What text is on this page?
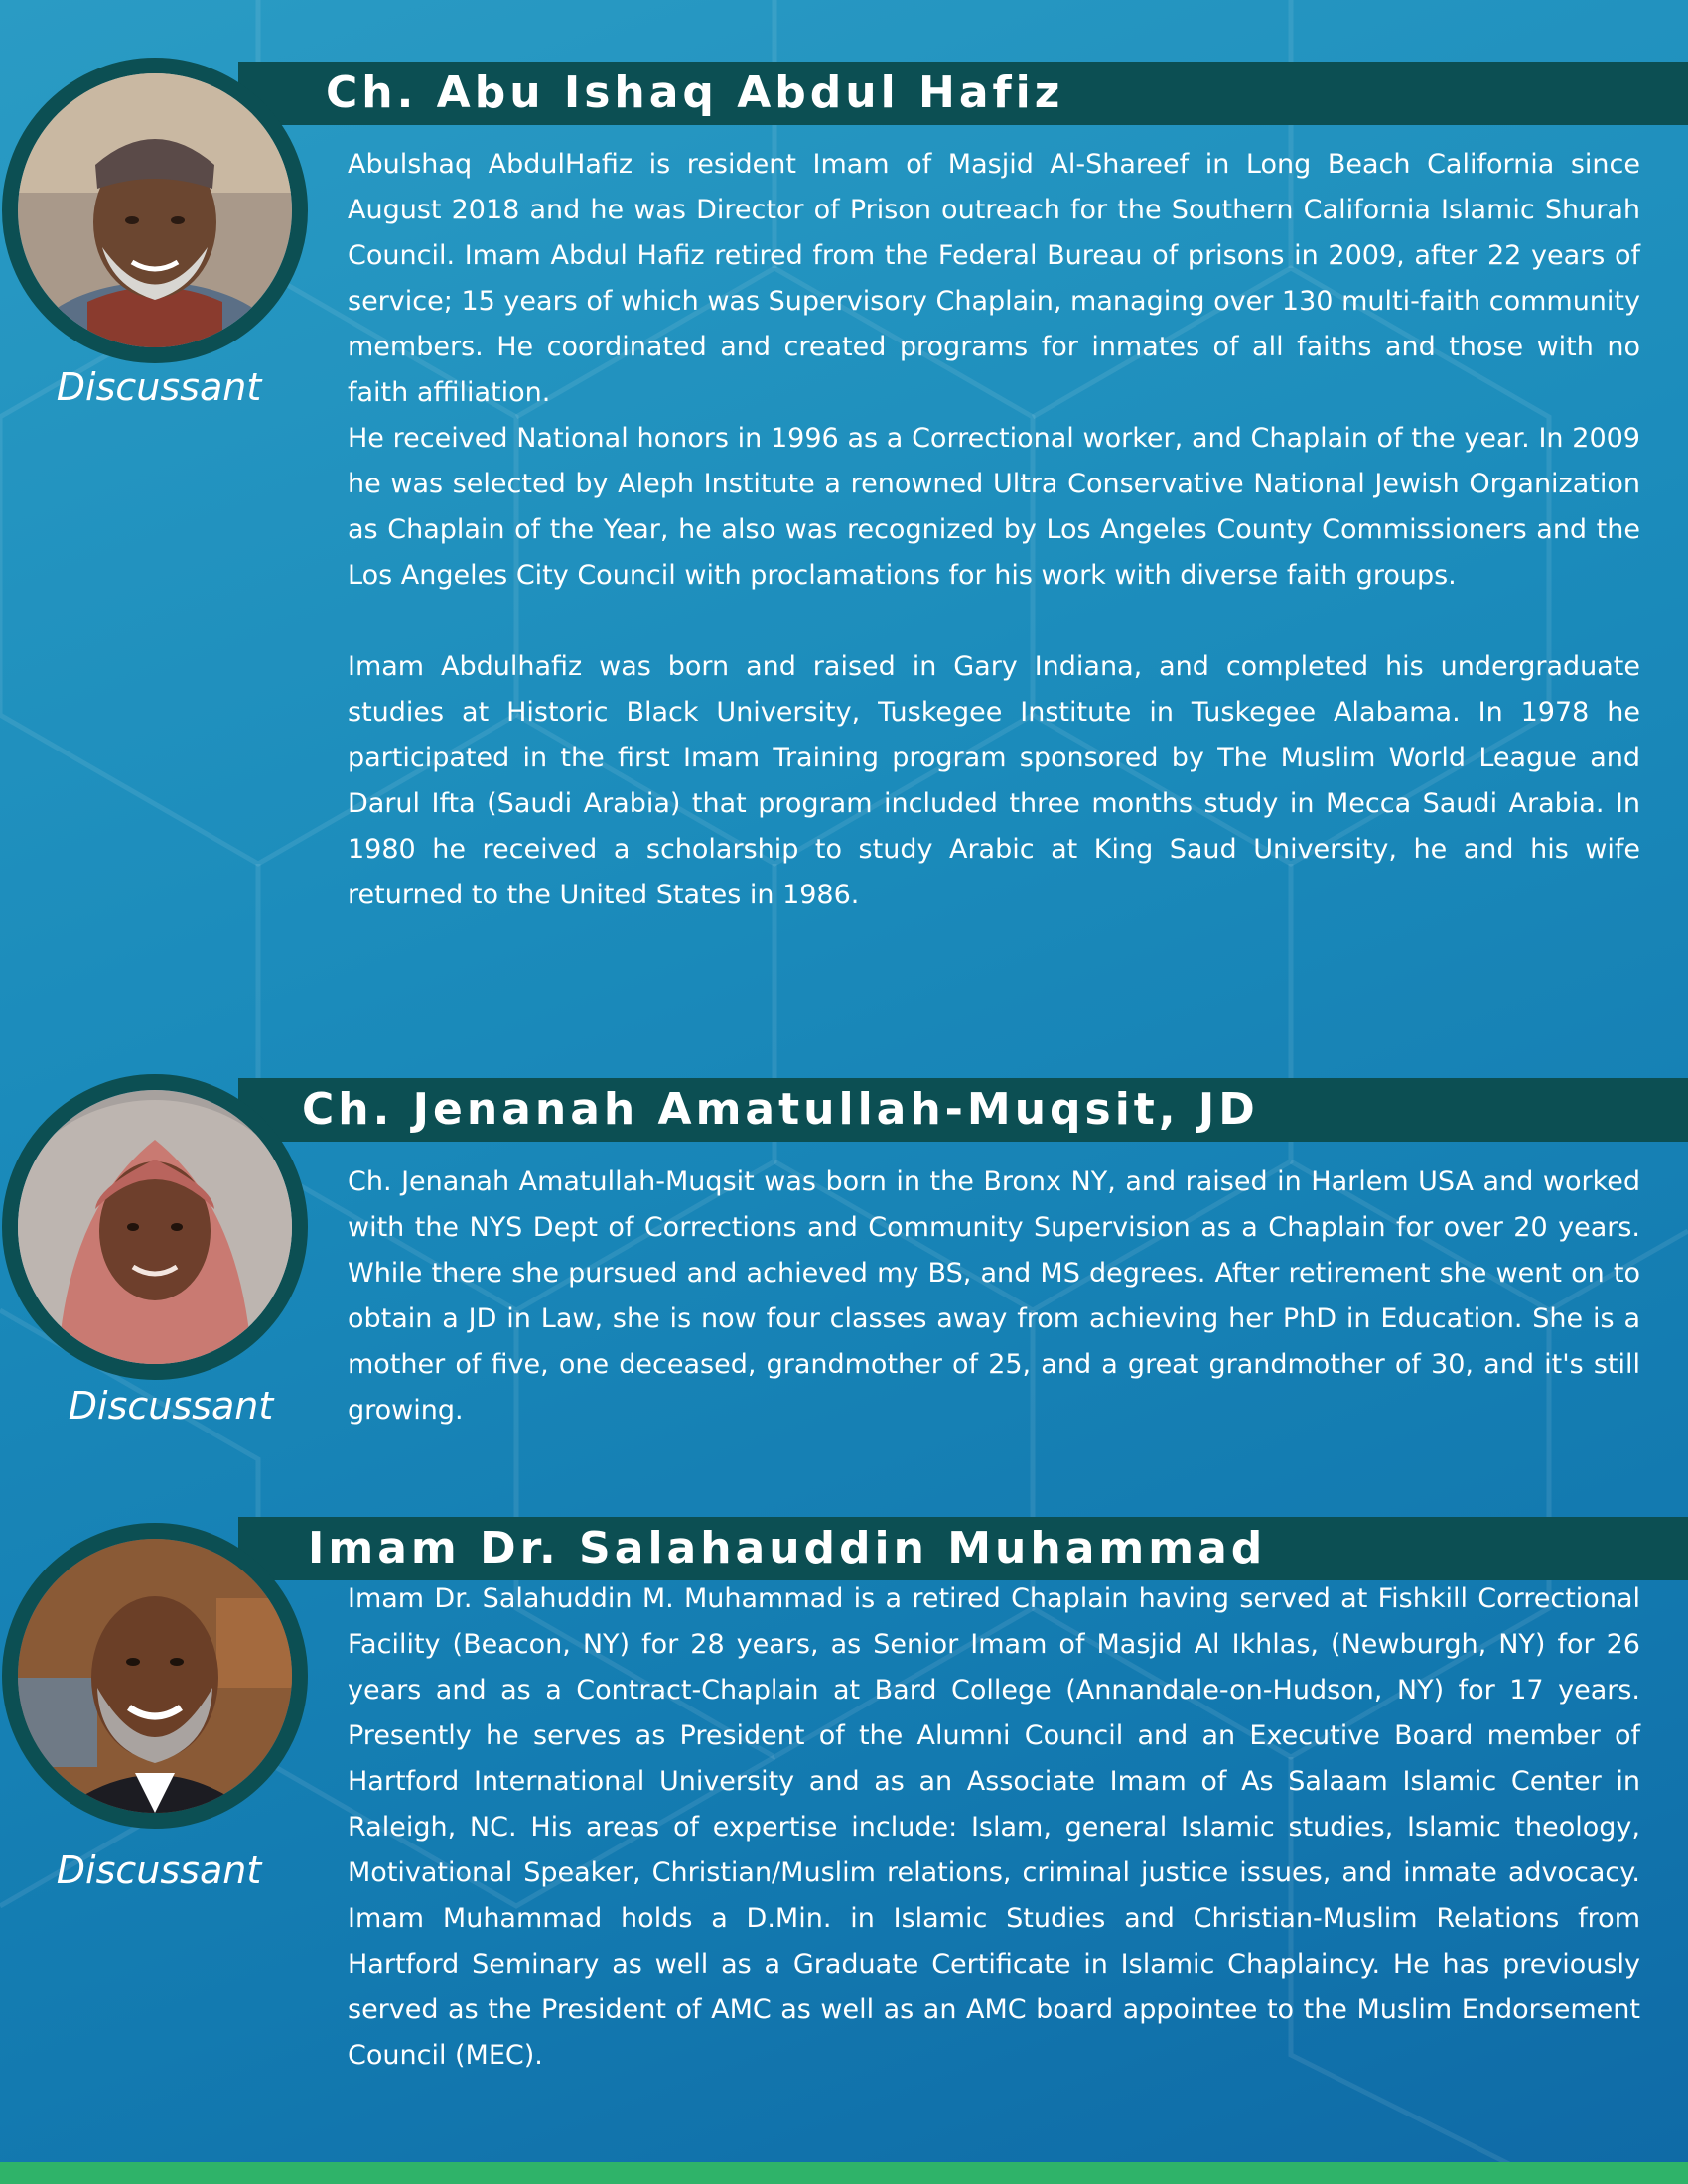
Ch. Abu Ishaq Abdul Hafiz
Discussant

Abulshaq AbdulHafiz is resident Imam of Masjid Al-Shareef in Long Beach California since August 2018 and he was Director of Prison outreach for the Southern California Islamic Shurah Council. Imam Abdul Hafiz retired from the Federal Bureau of prisons in 2009, after 22 years of service; 15 years of which was Supervisory Chaplain, managing over 130 multi-faith community members. He coordinated and created programs for inmates of all faiths and those with no faith affiliation.

He received National honors in 1996 as a Correctional worker, and Chaplain of the year. In 2009 he was selected by Aleph Institute a renowned Ultra Conservative National Jewish Organization as Chaplain of the Year, he also was recognized by Los Angeles County Commissioners and the Los Angeles City Council with proclamations for his work with diverse faith groups.

Imam Abdulhafiz was born and raised in Gary Indiana, and completed his undergraduate studies at Historic Black University, Tuskegee Institute in Tuskegee Alabama. In 1978 he participated in the first Imam Training program sponsored by The Muslim World League and Darul Ifta (Saudi Arabia) that program included three months study in Mecca Saudi Arabia. In 1980 he received a scholarship to study Arabic at King Saud University, he and his wife returned to the United States in 1986.

Ch. Jenanah Amatullah-Muqsit, JD
Discussant

Ch. Jenanah Amatullah-Muqsit was born in the Bronx NY, and raised in Harlem USA and worked with the NYS Dept of Corrections and Community Supervision as a Chaplain for over 20 years. While there she pursued and achieved my BS, and MS degrees. After retirement she went on to obtain a JD in Law, she is now four classes away from achieving her PhD in Education. She is a mother of five, one deceased, grandmother of 25, and a great grandmother of 30, and it's still growing.

Imam Dr. Salahauddin Muhammad
Discussant

Imam Dr. Salahuddin M. Muhammad is a retired Chaplain having served at Fishkill Correctional Facility (Beacon, NY) for 28 years, as Senior Imam of Masjid Al Ikhlas, (Newburgh, NY) for 26 years and as a Contract-Chaplain at Bard College (Annandale-on-Hudson, NY) for 17 years. Presently he serves as President of the Alumni Council and an Executive Board member of Hartford International University and as an Associate Imam of As Salaam Islamic Center in Raleigh, NC. His areas of expertise include: Islam, general Islamic studies, Islamic theology, Motivational Speaker, Christian/Muslim relations, criminal justice issues, and inmate advocacy. Imam Muhammad holds a D.Min. in Islamic Studies and Christian-Muslim Relations from Hartford Seminary as well as a Graduate Certificate in Islamic Chaplaincy. He has previously served as the President of AMC as well as an AMC board appointee to the Muslim Endorsement Council (MEC).
